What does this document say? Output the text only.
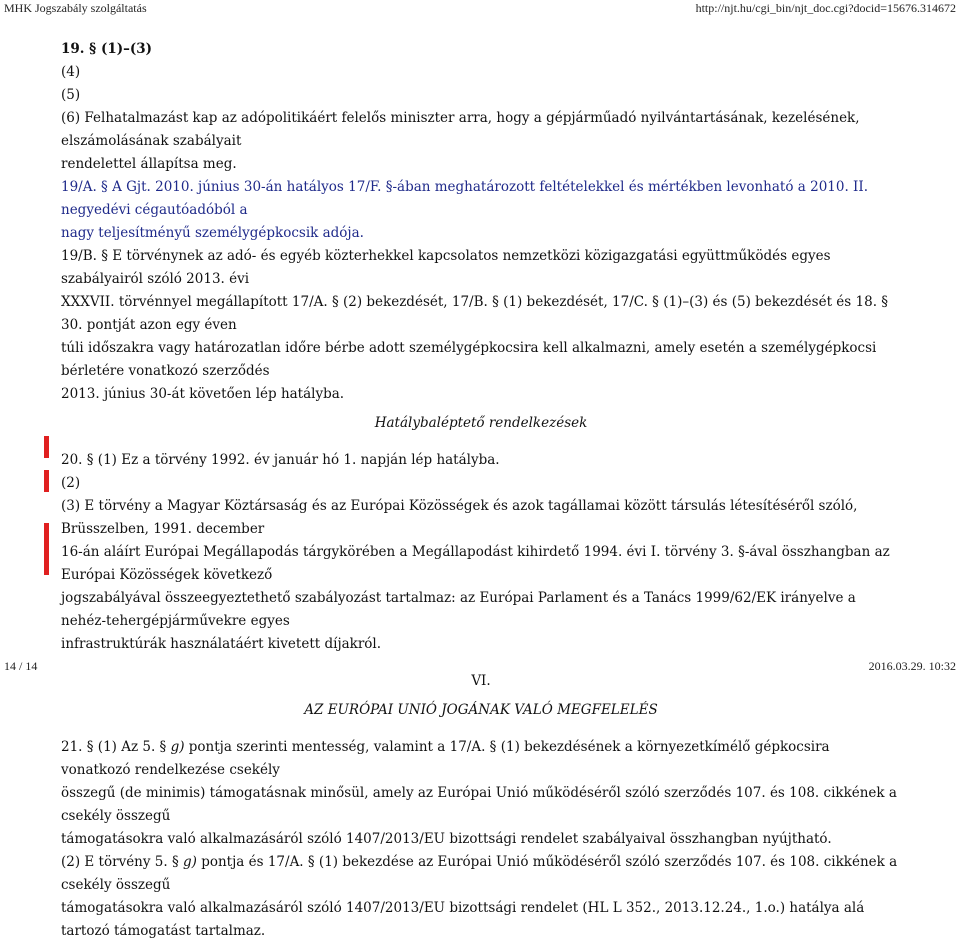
MHK Jogszabály szolgáltatás	http://njt.hu/cgi_bin/njt_doc.cgi?docid=15676.314672

19. § (1)–(3)

(4)

(5)

(6) Felhatalmazást kap az adópolitikáért felelős miniszter arra, hogy a gépjárműadó nyilvántartásának, kezelésének, elszámolásának szabályait

rendelettel állapítsa meg.

19/A. § A Gjt. 2010. június 30-án hatályos 17/F. §-ában meghatározott feltételekkel és mértékben levonható a 2010. II. negyedévi cégautóadóból a

nagy teljesítményű személygépkocsik adója.

19/B. § E törvénynek az adó- és egyéb közterhekkel kapcsolatos nemzetközi közigazgatási együttműködés egyes szabályairól szóló 2013. évi

XXXVII. törvénnyel megállapított 17/A. § (2) bekezdését, 17/B. § (1) bekezdését, 17/C. § (1)–(3) és (5) bekezdését és 18. § 30. pontját azon egy éven

túli időszakra vagy határozatlan időre bérbe adott személygépkocsira kell alkalmazni, amely esetén a személygépkocsi bérletére vonatkozó szerződés

2013. június 30-át követően lép hatályba.

Hatálybaléptető rendelkezések

20. § (1) Ez a törvény 1992. év január hó 1. napján lép hatályba.

(2)

(3) E törvény a Magyar Köztársaság és az Európai Közösségek és azok tagállamai között társulás létesítéséről szóló, Brüsszelben, 1991. december

16-án aláírt Európai Megállapodás tárgykörében a Megállapodást kihirdető 1994. évi I. törvény 3. §-ával összhangban az Európai Közösségek következő

jogszabályával összeegyeztethető szabályozást tartalmaz: az Európai Parlament és a Tanács 1999/62/EK irányelve a nehéz-tehergépjárművekre egyes

infrastruktúrák használatáért kivetett díjakról.

VI.

AZ EURÓPAI UNIÓ JOGÁNAK VALÓ MEGFELELÉS

21. § (1) Az 5. § g) pontja szerinti mentesség, valamint a 17/A. § (1) bekezdésének a környezetkímélő gépkocsira vonatkozó rendelkezése csekély

összegű (de minimis) támogatásnak minősül, amely az Európai Unió működéséről szóló szerződés 107. és 108. cikkének a csekély összegű

támogatásokra való alkalmazásáról szóló 1407/2013/EU bizottsági rendelet szabályaival összhangban nyújtható.

(2) E törvény 5. § g) pontja és 17/A. § (1) bekezdése az Európai Unió működéséről szóló szerződés 107. és 108. cikkének a csekély összegű

támogatásokra való alkalmazásáról szóló 1407/2013/EU bizottsági rendelet (HL L 352., 2013.12.24., 1.o.) hatálya alá tartozó támogatást tartalmaz.

14 / 14	2016.03.29. 10:32
